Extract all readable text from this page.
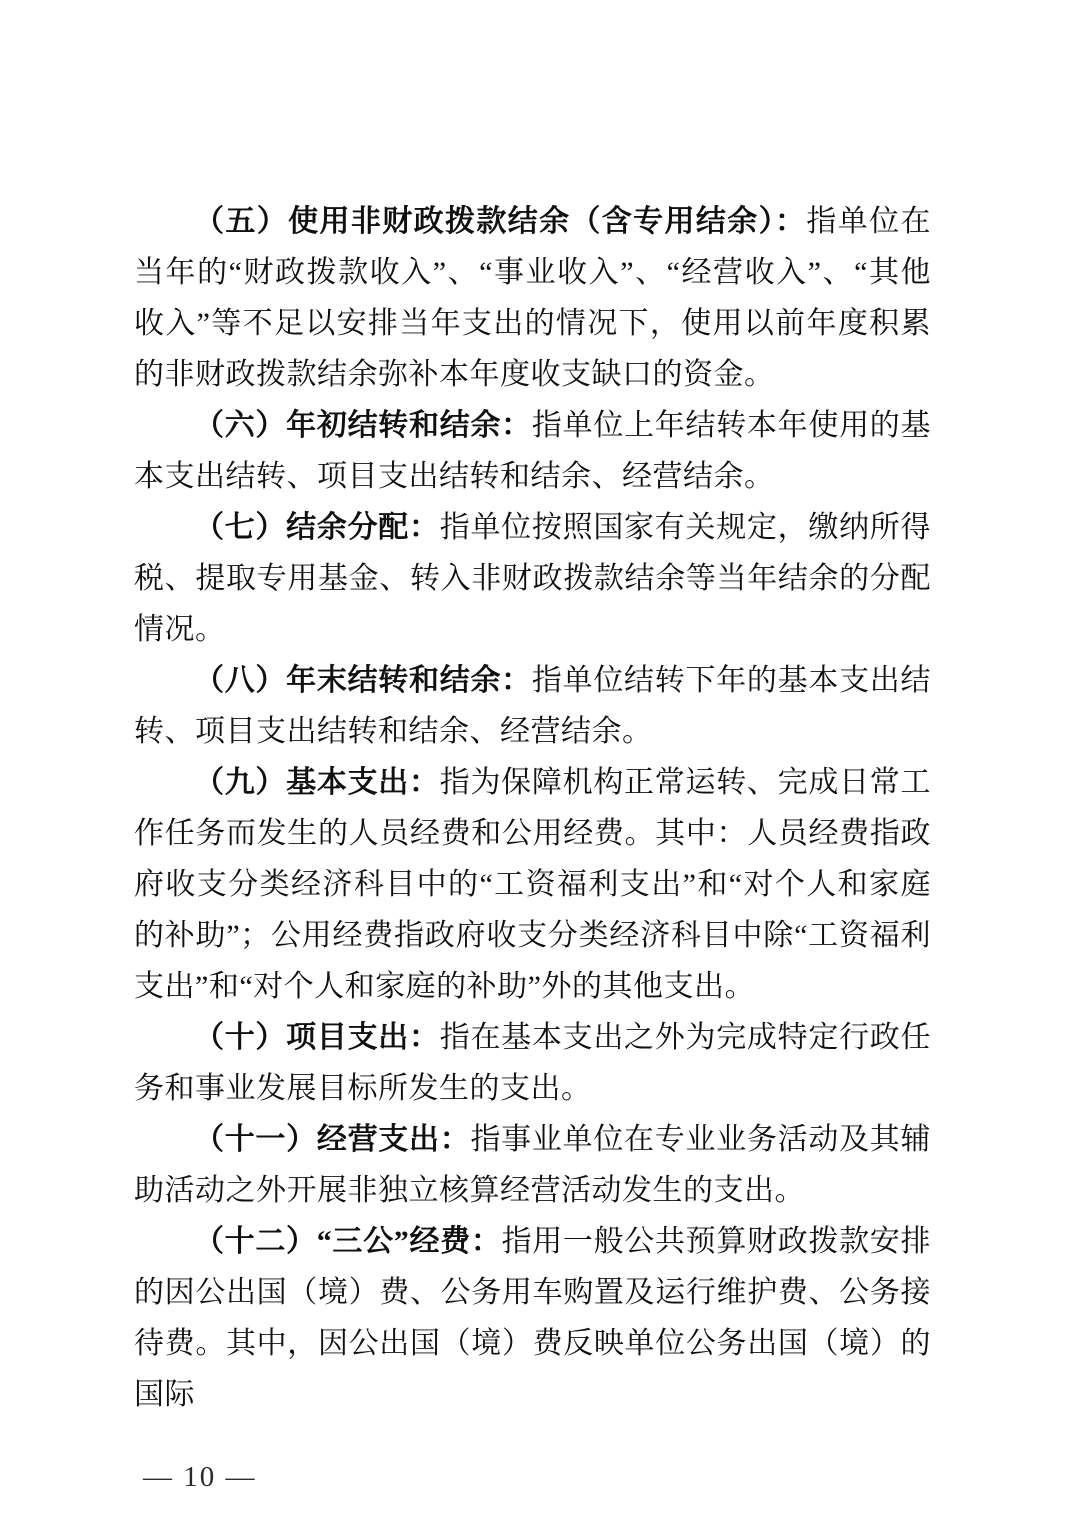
（五）使用非财政拨款结余（含专用结余）：指单位在当年的“财政拨款收入”、“事业收入”、“经营收入”、“其他收入”等不足以安排当年支出的情况下，使用以前年度积累的非财政拨款结余弥补本年度收支缺口的资金。

（六）年初结转和结余：指单位上年结转本年使用的基本支出结转、项目支出结转和结余、经营结余。

（七）结余分配：指单位按照国家有关规定，缴纳所得税、提取专用基金、转入非财政拨款结余等当年结余的分配情况。

（八）年末结转和结余：指单位结转下年的基本支出结转、项目支出结转和结余、经营结余。

（九）基本支出：指为保障机构正常运转、完成日常工作任务而发生的人员经费和公用经费。其中：人员经费指政府收支分类经济科目中的“工资福利支出”和“对个人和家庭的补助”；公用经费指政府收支分类经济科目中除“工资福利支出”和“对个人和家庭的补助”外的其他支出。

（十）项目支出：指在基本支出之外为完成特定行政任务和事业发展目标所发生的支出。

（十一）经营支出：指事业单位在专业业务活动及其辅助活动之外开展非独立核算经营活动发生的支出。

（十二）“三公”经费：指用一般公共预算财政拨款安排的因公出国（境）费、公务用车购置及运行维护费、公务接待费。其中，因公出国（境）费反映单位公务出国（境）的国际

— 10 —
